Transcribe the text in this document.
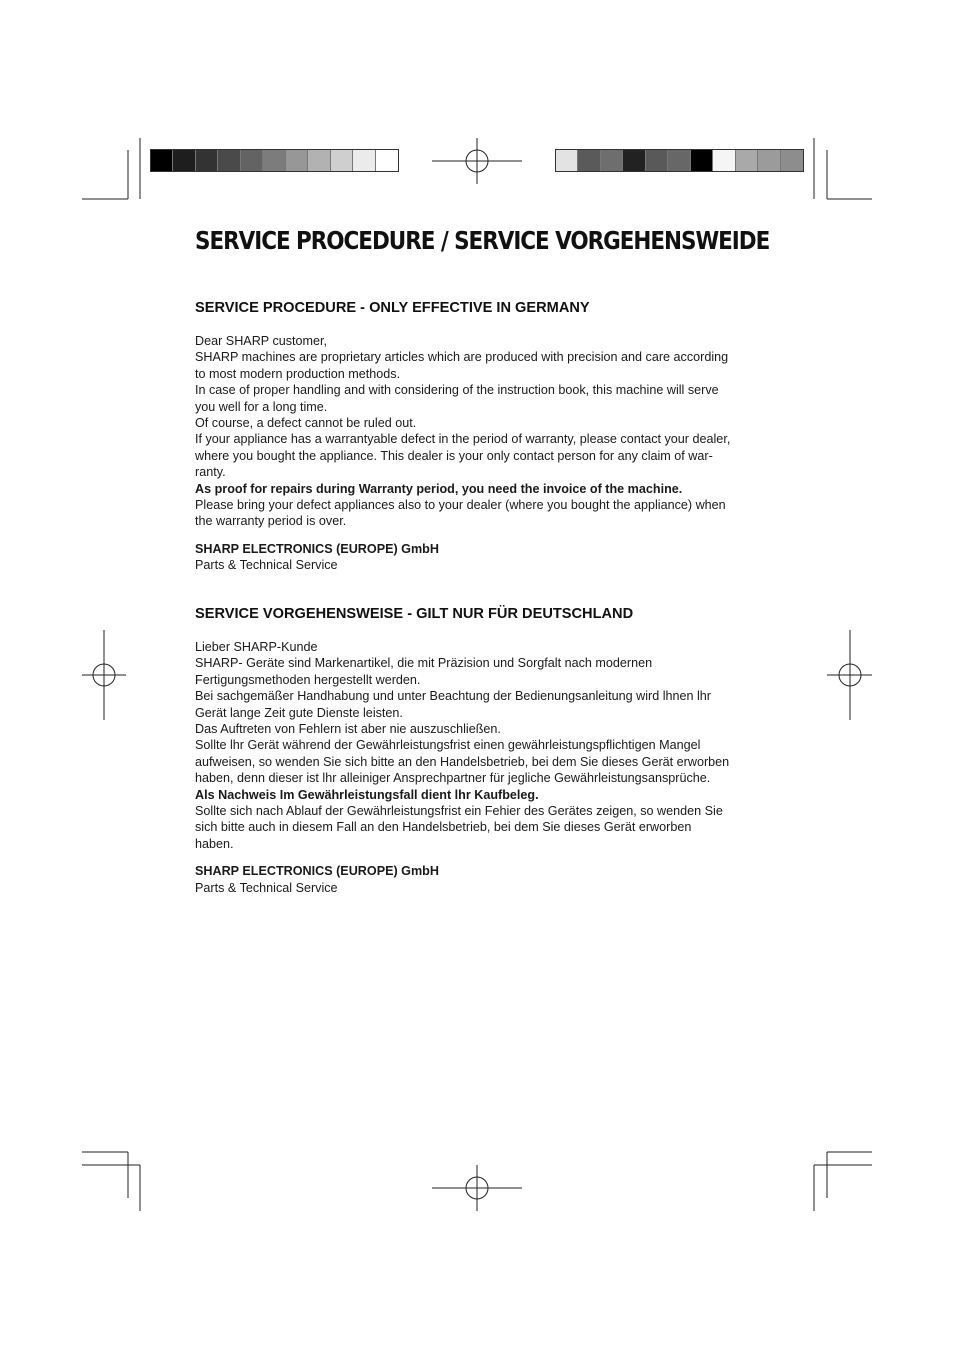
SERVICE PROCEDURE / SERVICE VORGEHENSWEIDE
SERVICE PROCEDURE - ONLY EFFECTIVE IN GERMANY
Dear SHARP customer,
SHARP machines are proprietary articles which are produced with precision and care according
to most modern production methods.
In case of proper handling and with considering of the instruction book, this machine will serve
you well for a long time.
Of course, a defect cannot be ruled out.
If your appliance has a warrantyable defect in the period of warranty, please contact your dealer,
where you bought the appliance. This dealer is your only contact person for any claim of war-
ranty.
As proof for repairs during Warranty period, you need the invoice of the machine.
Please bring your defect appliances also to your dealer (where you bought the appliance) when
the warranty period is over.
SHARP ELECTRONICS (EUROPE) GmbH
Parts & Technical Service
SERVICE VORGEHENSWEISE - GILT NUR FÜR DEUTSCHLAND
Lieber SHARP-Kunde
SHARP- Geräte sind Markenartikel, die mit Präzision und Sorgfalt nach modernen
Fertigungsmethoden hergestellt werden.
Bei sachgemäßer Handhabung und unter Beachtung der Bedienungsanleitung wird lhnen lhr
Gerät lange Zeit gute Dienste leisten.
Das Auftreten von Fehlern ist aber nie auszuschließen.
Sollte lhr Gerät während der Gewährleistungsfrist einen gewährleistungspflichtigen Mangel
aufweisen, so wenden Sie sich bitte an den Handelsbetrieb, bei dem Sie dieses Gerät erworben
haben, denn dieser ist lhr alleiniger Ansprechpartner für jegliche Gewährleistungsansprüche.
Als Nachweis Im Gewährleistungsfall dient lhr Kaufbeleg.
Sollte sich nach Ablauf der Gewährleistungsfrist ein Fehier des Gerätes zeigen, so wenden Sie
sich bitte auch in diesem Fall an den Handelsbetrieb, bei dem Sie dieses Gerät erworben
haben.
SHARP ELECTRONICS (EUROPE) GmbH
Parts & Technical Service
